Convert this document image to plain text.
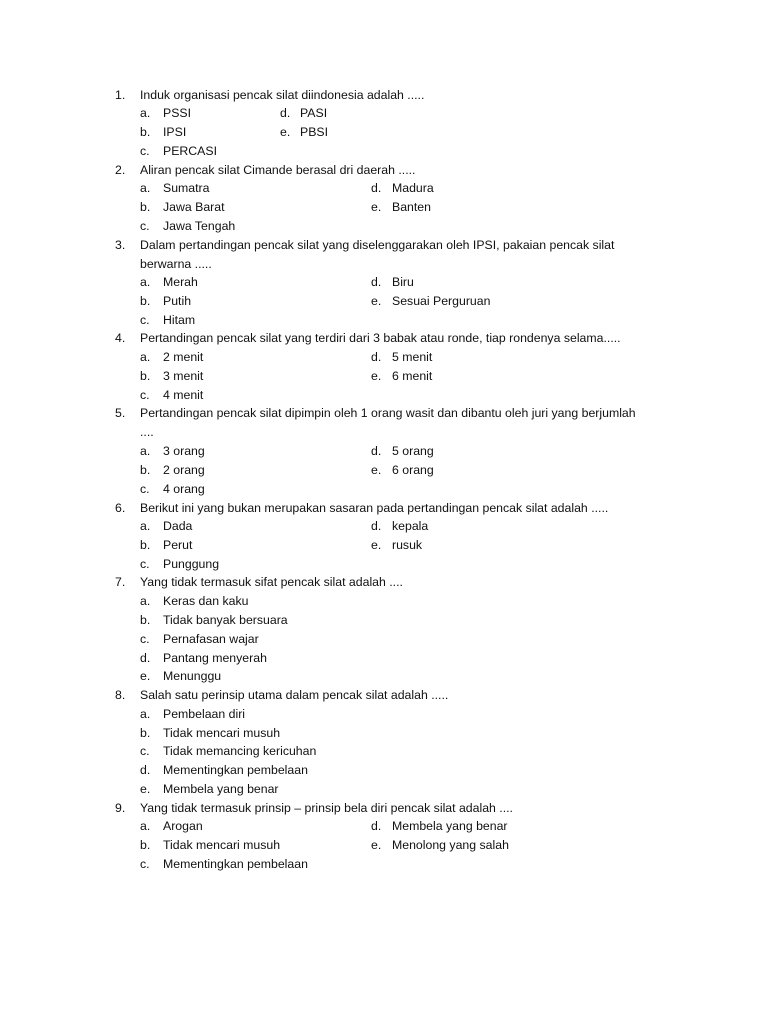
1. Induk organisasi pencak silat diindonesia adalah .....
a. PSSI	d. PASI
b. IPSI	e. PBSI
c. PERCASI
2. Aliran pencak silat Cimande berasal dri daerah .....
a. Sumatra	d. Madura
b. Jawa Barat	e. Banten
c. Jawa Tengah
3. Dalam pertandingan pencak silat yang diselenggarakan oleh IPSI, pakaian pencak silat
berwarna .....
a. Merah	d. Biru
b. Putih	e. Sesuai Perguruan
c. Hitam
4. Pertandingan pencak silat yang terdiri dari 3 babak atau ronde, tiap rondenya selama.....
a. 2 menit	d. 5 menit
b. 3 menit	e. 6 menit
c. 4 menit
5. Pertandingan pencak silat dipimpin oleh 1 orang wasit dan dibantu oleh juri yang berjumlah
....
a. 3 orang	d. 5 orang
b. 2 orang	e. 6 orang
c. 4 orang
6. Berikut ini yang bukan merupakan sasaran pada pertandingan pencak silat adalah .....
a. Dada	d. kepala
b. Perut	e. rusuk
c. Punggung
7. Yang tidak termasuk sifat pencak silat adalah ....
a. Keras dan kaku
b. Tidak banyak bersuara
c. Pernafasan wajar
d. Pantang menyerah
e. Menunggu
8. Salah satu perinsip utama dalam pencak silat adalah .....
a. Pembelaan diri
b. Tidak mencari musuh
c. Tidak memancing kericuhan
d. Mementingkan pembelaan
e. Membela yang benar
9. Yang tidak termasuk prinsip – prinsip bela diri pencak silat adalah ....
a. Arogan	d. Membela yang benar
b. Tidak mencari musuh	e. Menolong yang salah
c. Mementingkan pembelaan
